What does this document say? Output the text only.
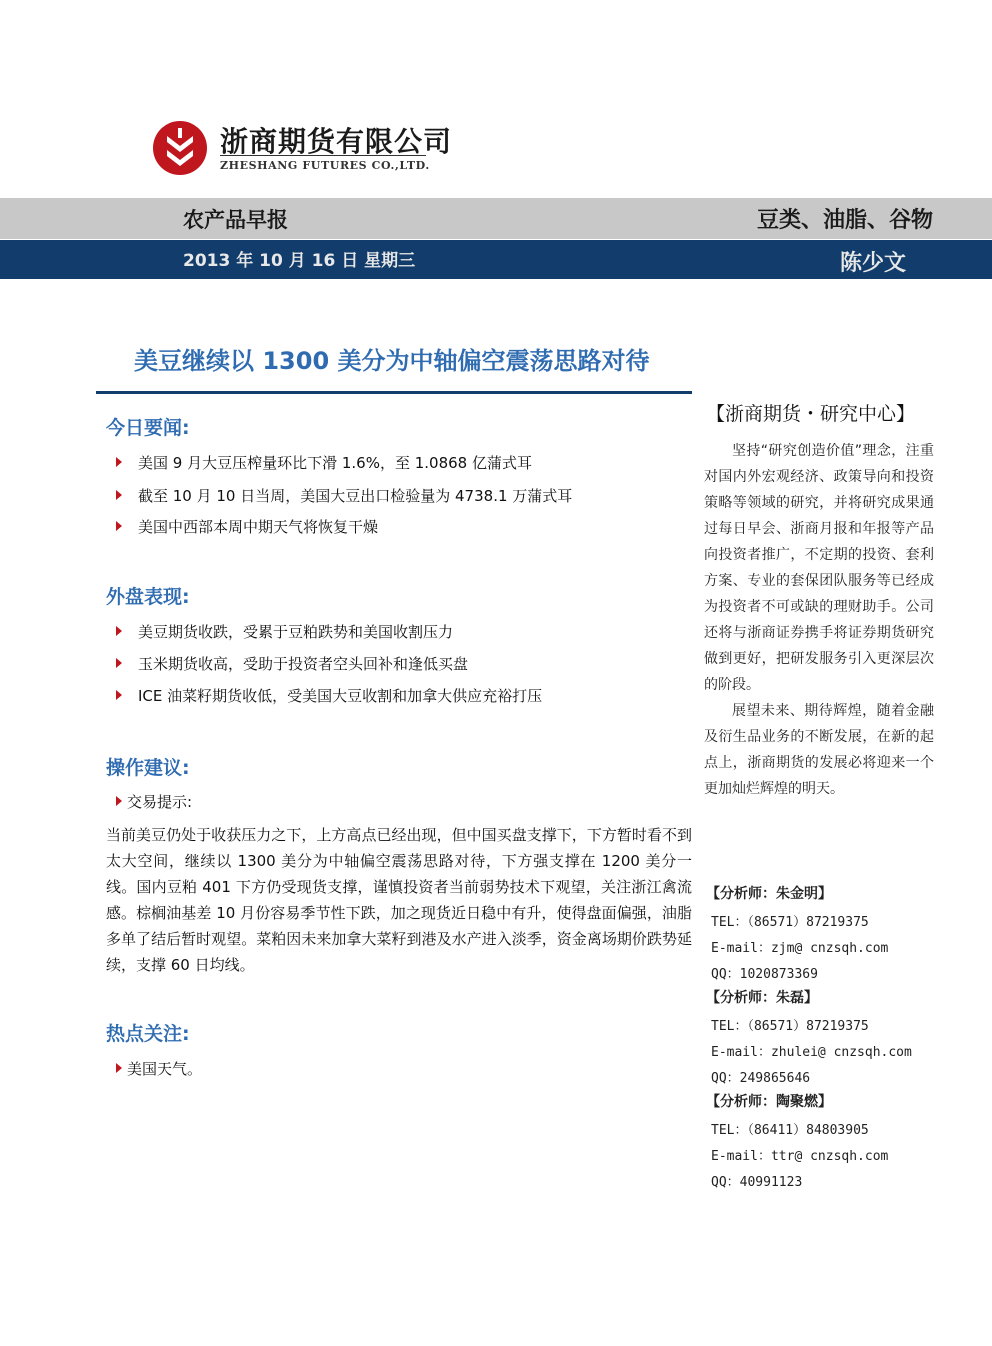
浙商期货有限公司
ZHESHANG FUTURES CO.,LTD.
农产品早报	豆类、油脂、谷物
2013 年 10 月 16 日 星期三	陈少文
美豆继续以 1300 美分为中轴偏空震荡思路对待
今日要闻:
美国 9 月大豆压榨量环比下滑 1.6%，至 1.0868 亿蒲式耳
截至 10 月 10 日当周，美国大豆出口检验量为 4738.1 万蒲式耳
美国中西部本周中期天气将恢复干燥
外盘表现:
美豆期货收跌，受累于豆粕跌势和美国收割压力
玉米期货收高，受助于投资者空头回补和逢低买盘
ICE 油菜籽期货收低，受美国大豆收割和加拿大供应充裕打压
操作建议:
交易提示:
当前美豆仍处于收获压力之下，上方高点已经出现，但中国买盘支撑下，下方暂时看不到太大空间，继续以 1300 美分为中轴偏空震荡思路对待，下方强支撑在 1200 美分一线。国内豆粕 401 下方仍受现货支撑，谨慎投资者当前弱势技术下观望，关注浙江禽流感。棕榈油基差 10 月份容易季节性下跌，加之现货近日稳中有升，使得盘面偏强，油脂多单了结后暂时观望。菜粕因未来加拿大菜籽到港及水产进入淡季，资金离场期价跌势延续，支撑 60 日均线。
热点关注:
美国天气。
【浙商期货・研究中心】
坚持“研究创造价值”理念，注重对国内外宏观经济、政策导向和投资策略等领域的研究，并将研究成果通过每日早会、浙商月报和年报等产品向投资者推广，不定期的投资、套利方案、专业的套保团队服务等已经成为投资者不可或缺的理财助手。公司还将与浙商证券携手将证券期货研究做到更好，把研发服务引入更深层次的阶段。
展望未来、期待辉煌，随着金融及衍生品业务的不断发展，在新的起点上，浙商期货的发展必将迎来一个更加灿烂辉煌的明天。
【分析师：朱金明】
TEL：（86571）87219375
E-mail：zjm@ cnzsqh.com
QQ：1020873369
【分析师：朱磊】
TEL：（86571）87219375
E-mail：zhulei@ cnzsqh.com
QQ：249865646
【分析师：陶聚燃】
TEL：（86411）84803905
E-mail：ttr@ cnzsqh.com
QQ：40991123
